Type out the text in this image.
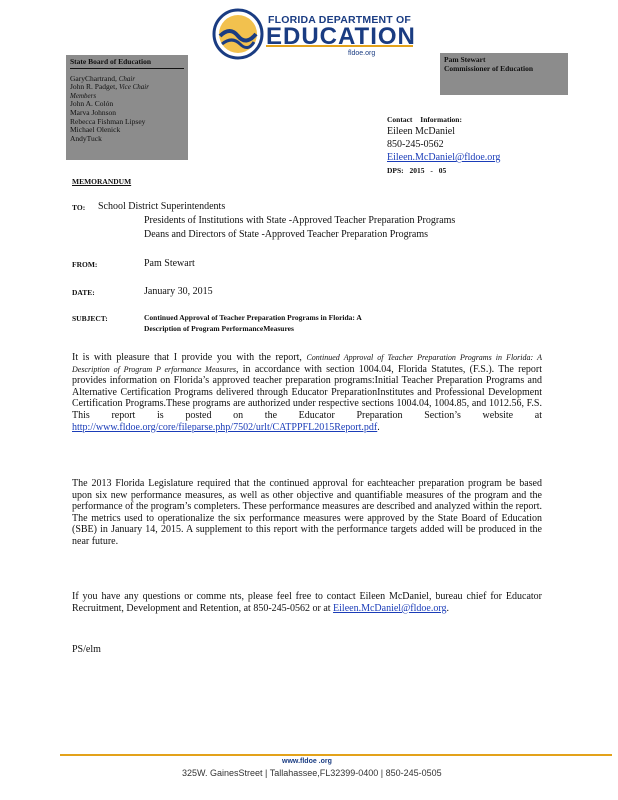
FLORIDA DEPARTMENT OF
EDUCATION
fldoe.org
State Board of Education
GaryChartrand, Chair
John R. Padget, Vice Chair
Members
John A. Colón
Marva Johnson
Rebecca Fishman Lipsey
Michael Olenick
AndyTuck
Pam Stewart
Commissioner of Education
Contact Information:
Eileen McDaniel
850-245-0562
Eileen.McDaniel@fldoe.org
DPS: 2015 - 05
MEMORANDUM
TO: School District Superintendents
Presidents of Institutions with State -Approved Teacher Preparation Programs
Deans and Directors of State -Approved Teacher Preparation Programs
FROM:	Pam Stewart
DATE:	January 30, 2015
SUBJECT:	Continued Approval of Teacher Preparation Programs in Florida: A
Description of Program PerformanceMeasures
It is with pleasure that I provide you with the report, Continued Approval of Teacher Preparation Programs in Florida: A Description of Program P erformance Measures, in accordance with section 1004.04, Florida Statutes, (F.S.). The report provides information on Florida’s approved teacher preparation programs:Initial Teacher Preparation Programs and Alternative Certification Programs delivered through Educator PreparationInstitutes and Professional Development Certification Programs.These programs are authorized under respective sections 1004.04, 1004.85, and 1012.56, F.S. This report is posted on the Educator Preparation Section’s website at http://www.fldoe.org/core/fileparse.php/7502/urlt/CATPPFL2015Report.pdf.
The 2013 Florida Legislature required that the continued approval for eachteacher preparation program be based upon six new performance measures, as well as other objective and quantifiable measures of the program and the performance of the program’s completers. These performance measures are described and analyzed within the report. The metrics used to operationalize the six performance measures were approved by the State Board of Education (SBE) in January 14, 2015. A supplement to this report with the performance targets added will be produced in the near future.
If you have any questions or comme nts, please feel free to contact Eileen McDaniel, bureau chief for Educator Recruitment, Development and Retention, at 850-245-0562 or at Eileen.McDaniel@fldoe.org.
PS/elm
www.fldoe .org
325W. GainesStreet | Tallahassee,FL32399-0400 | 850-245-0505
